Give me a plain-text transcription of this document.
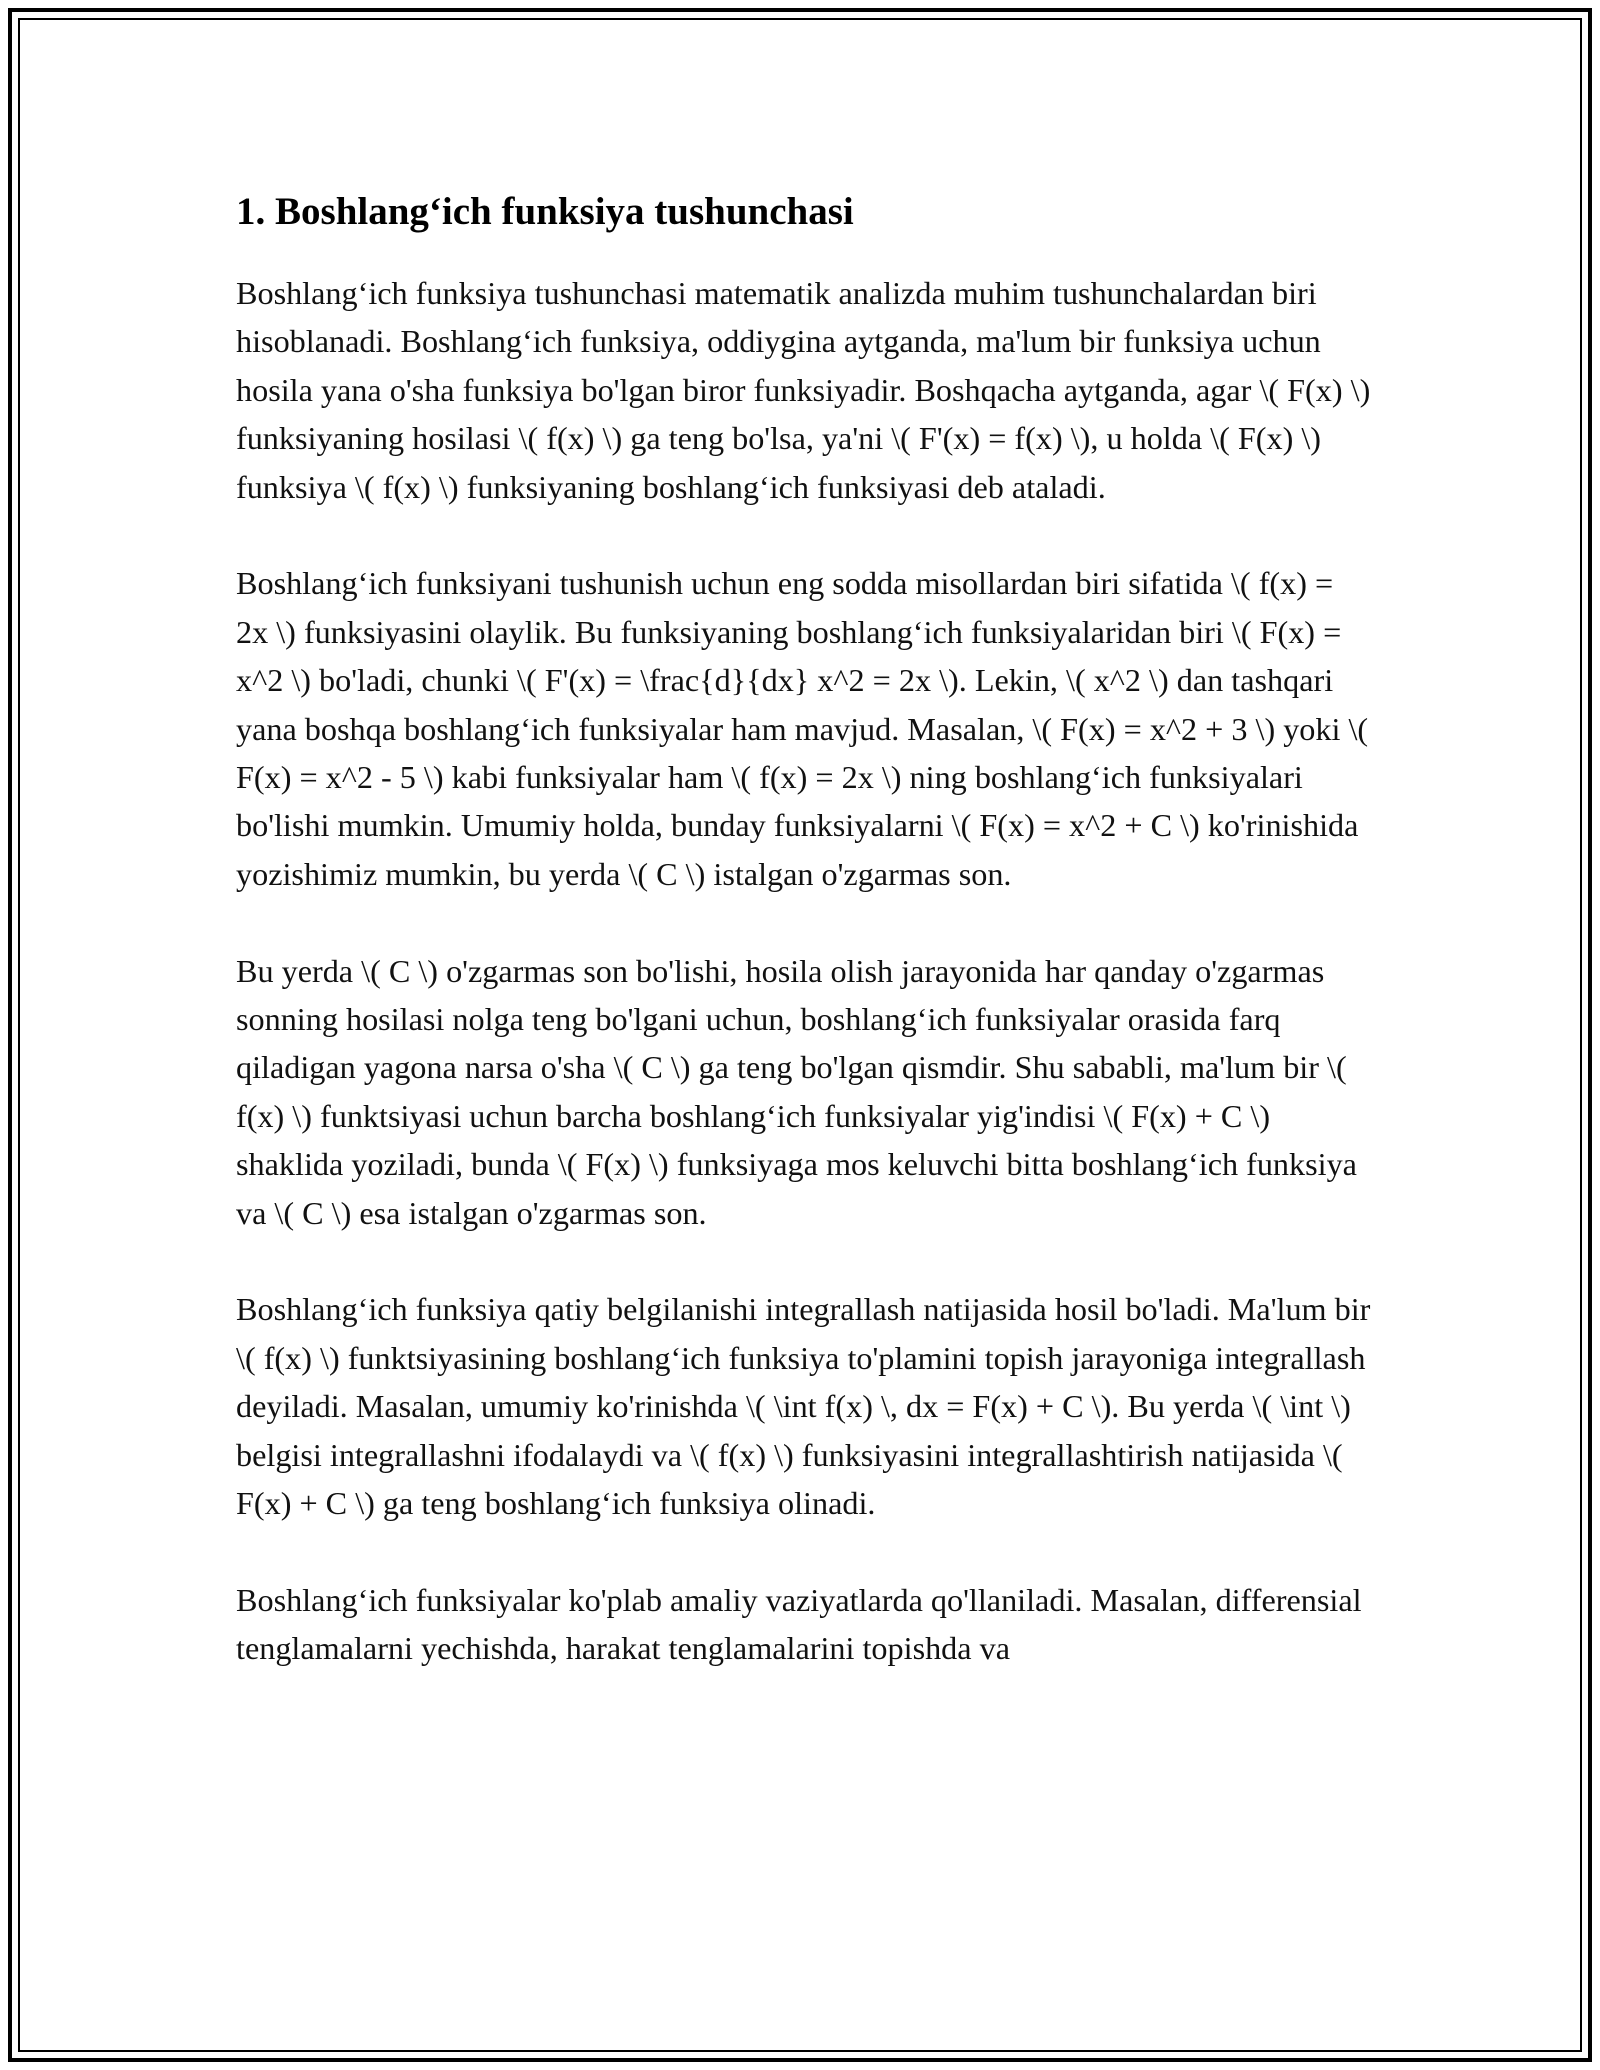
1. Boshlang‘ich funksiya tushunchasi

Boshlang‘ich funksiya tushunchasi matematik analizda muhim tushunchalardan biri hisoblanadi. Boshlang‘ich funksiya, oddiygina aytganda, ma'lum bir funksiya uchun hosila yana o'sha funksiya bo'lgan biror funksiyadir. Boshqacha aytganda, agar \( F(x) \) funksiyaning hosilasi \( f(x) \) ga teng bo'lsa, ya'ni \( F'(x) = f(x) \), u holda \( F(x) \) funksiya \( f(x) \) funksiyaning boshlang‘ich funksiyasi deb ataladi.

Boshlang‘ich funksiyani tushunish uchun eng sodda misollardan biri sifatida \( f(x) = 2x \) funksiyasini olaylik. Bu funksiyaning boshlang‘ich funksiyalaridan biri \( F(x) = x^2 \) bo'ladi, chunki \( F'(x) = \frac{d}{dx} x^2 = 2x \). Lekin, \( x^2 \) dan tashqari yana boshqa boshlang‘ich funksiyalar ham mavjud. Masalan, \( F(x) = x^2 + 3 \) yoki \( F(x) = x^2 - 5 \) kabi funksiyalar ham \( f(x) = 2x \) ning boshlang‘ich funksiyalari bo'lishi mumkin. Umumiy holda, bunday funksiyalarni \( F(x) = x^2 + C \) ko'rinishida yozishimiz mumkin, bu yerda \( C \) istalgan o'zgarmas son.

Bu yerda \( C \) o'zgarmas son bo'lishi, hosila olish jarayonida har qanday o'zgarmas sonning hosilasi nolga teng bo'lgani uchun, boshlang‘ich funksiyalar orasida farq qiladigan yagona narsa o'sha \( C \) ga teng bo'lgan qismdir. Shu sababli, ma'lum bir \( f(x) \) funktsiyasi uchun barcha boshlang‘ich funksiyalar yig'indisi \( F(x) + C \) shaklida yoziladi, bunda \( F(x) \) funksiyaga mos keluvchi bitta boshlang‘ich funksiya va \( C \) esa istalgan o'zgarmas son.

Boshlang‘ich funksiya qatiy belgilanishi integrallash natijasida hosil bo'ladi. Ma'lum bir \( f(x) \) funktsiyasining boshlang‘ich funksiya to'plamini topish jarayoniga integrallash deyiladi. Masalan, umumiy ko'rinishda \( \int f(x) \, dx = F(x) + C \). Bu yerda \( \int \) belgisi integrallashni ifodalaydi va \( f(x) \) funksiyasini integrallashtirish natijasida \( F(x) + C \) ga teng boshlang‘ich funksiya olinadi.

Boshlang‘ich funksiyalar ko'plab amaliy vaziyatlarda qo'llaniladi. Masalan, differensial tenglamalarni yechishda, harakat tenglamalarini topishda va
